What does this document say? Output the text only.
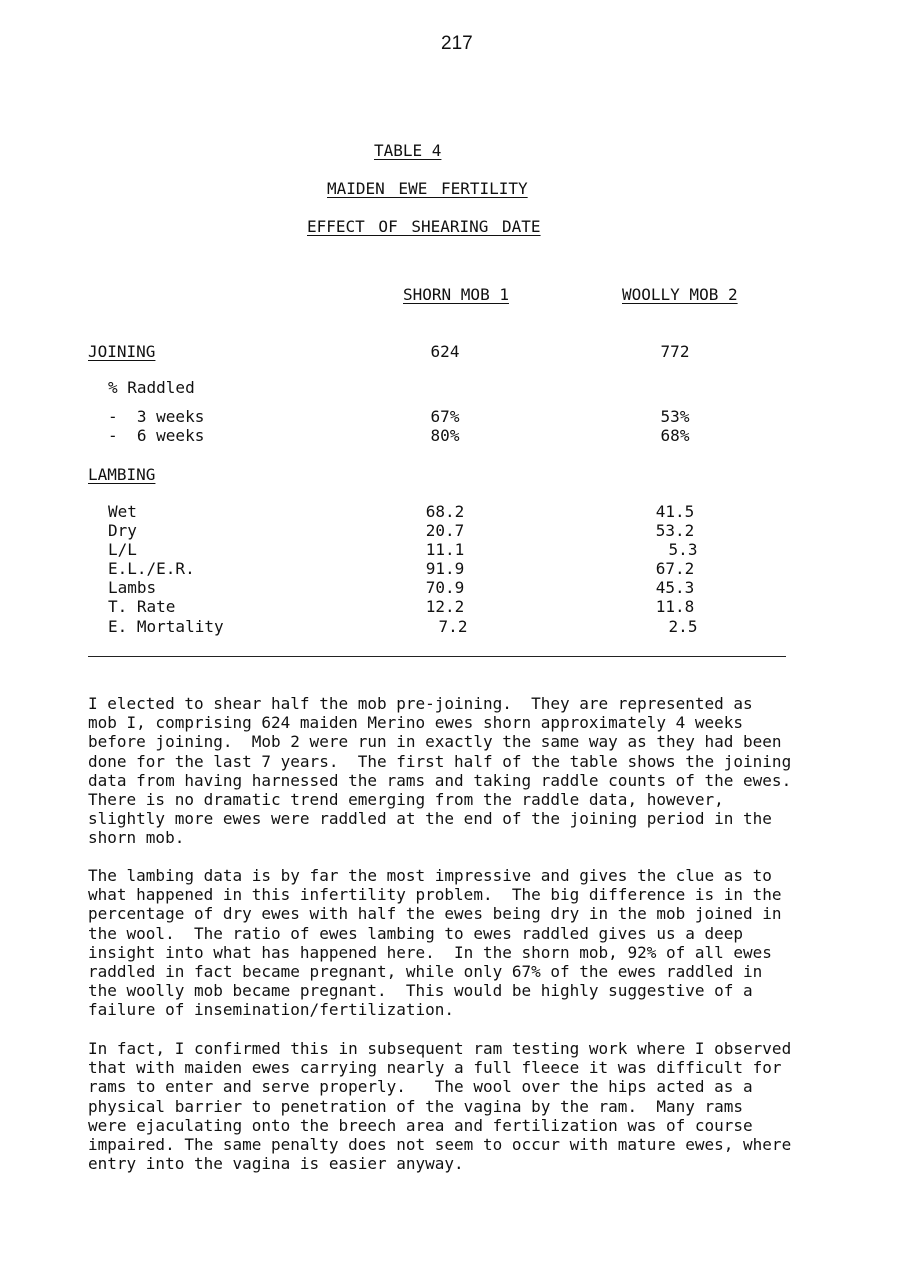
217
TABLE 4
MAIDEN EWE FERTILITY
EFFECT OF SHEARING DATE
SHORN MOB 1	WOOLLY MOB 2
JOINING	624	772
% Raddled
-  3 weeks	67%	53%
-  6 weeks	80%	68%
LAMBING
Wet	68.2	41.5
Dry	20.7	53.2
L/L	11.1	5.3
E.L./E.R.	91.9	67.2
Lambs	70.9	45.3
T. Rate	12.2	11.8
E. Mortality	7.2	2.5
I elected to shear half the mob pre-joining.  They are represented as
mob I, comprising 624 maiden Merino ewes shorn approximately 4 weeks
before joining.  Mob 2 were run in exactly the same way as they had been
done for the last 7 years.  The first half of the table shows the joining
data from having harnessed the rams and taking raddle counts of the ewes.
There is no dramatic trend emerging from the raddle data, however,
slightly more ewes were raddled at the end of the joining period in the
shorn mob.
The lambing data is by far the most impressive and gives the clue as to
what happened in this infertility problem.  The big difference is in the
percentage of dry ewes with half the ewes being dry in the mob joined in
the wool.  The ratio of ewes lambing to ewes raddled gives us a deep
insight into what has happened here.  In the shorn mob, 92% of all ewes
raddled in fact became pregnant, while only 67% of the ewes raddled in
the woolly mob became pregnant.  This would be highly suggestive of a
failure of insemination/fertilization.
In fact, I confirmed this in subsequent ram testing work where I observed
that with maiden ewes carrying nearly a full fleece it was difficult for
rams to enter and serve properly.   The wool over the hips acted as a
physical barrier to penetration of the vagina by the ram.  Many rams
were ejaculating onto the breech area and fertilization was of course
impaired. The same penalty does not seem to occur with mature ewes, where
entry into the vagina is easier anyway.
